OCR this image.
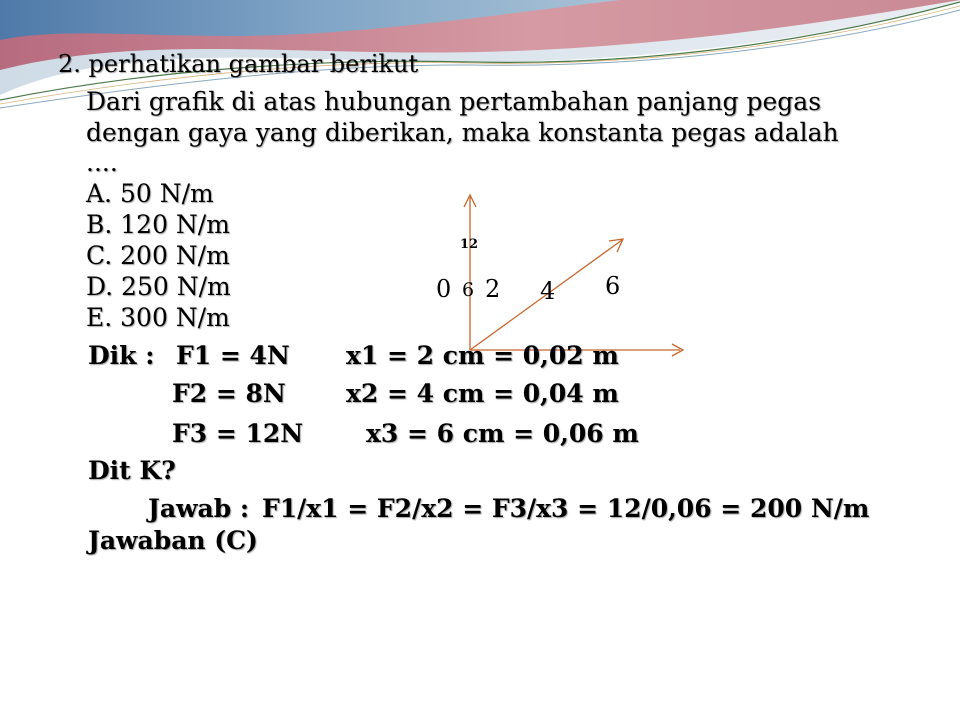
2. perhatikan gambar berikut
Dari grafik di atas hubungan pertambahan panjang pegas
dengan gaya yang diberikan, maka konstanta pegas adalah
....
A. 50 N/m
B. 120 N/m
C. 200 N/m
D. 250 N/m
E. 300 N/m
12
0 6 2 4 6
Dik : F1 = 4N x1 = 2 cm = 0,02 m
F2 = 8N x2 = 4 cm = 0,04 m
F3 = 12N	x3 = 6 cm = 0,06 m
Dit K?
Jawab : F1/x1 = F2/x2 = F3/x3 = 12/0,06 = 200 N/m
Jawaban (C)
